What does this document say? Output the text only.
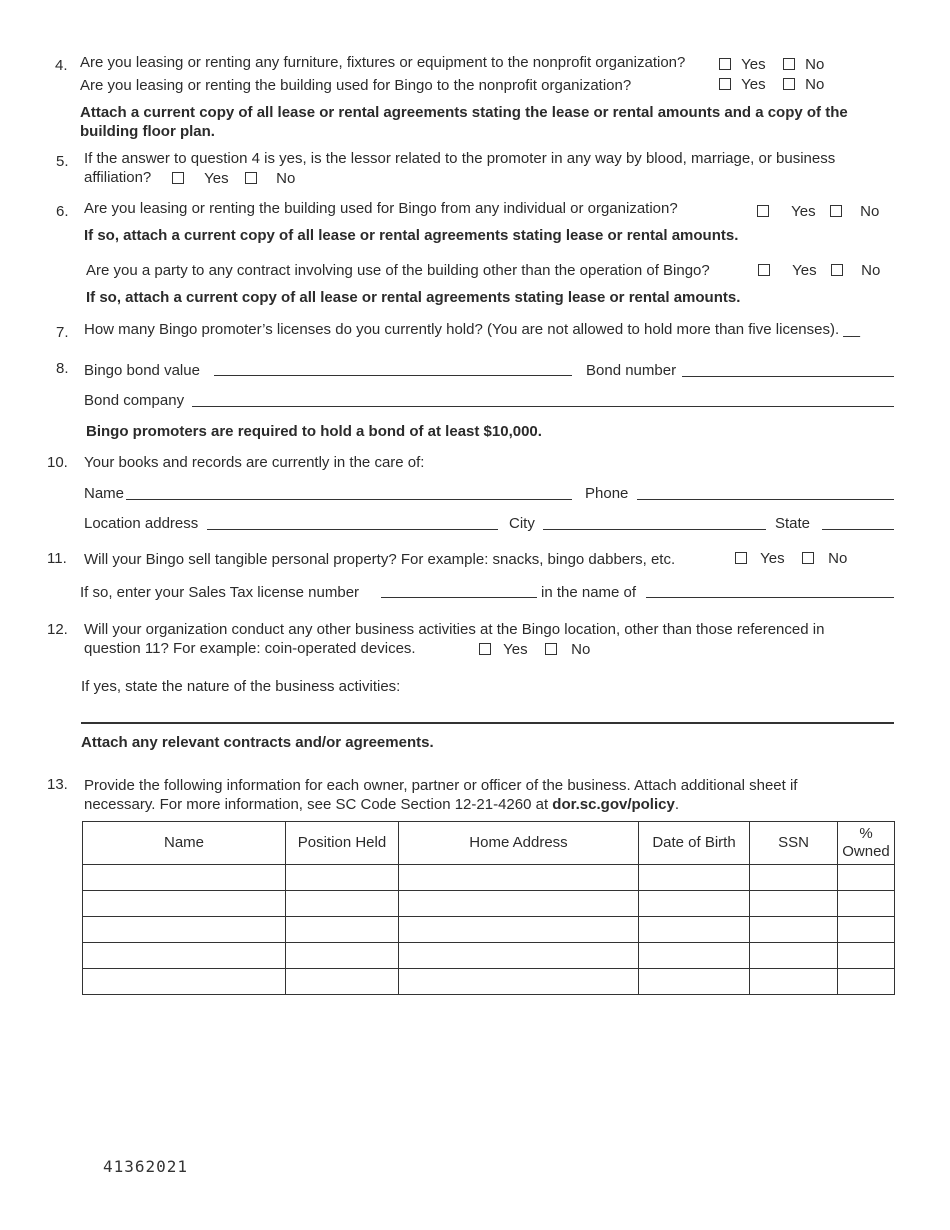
4. Are you leasing or renting any furniture, fixtures or equipment to the nonprofit organization?	Yes	No
Are you leasing or renting the building used for Bingo to the nonprofit organization?	Yes	No
Attach a current copy of all lease or rental agreements stating the lease or rental amounts and a copy of the
building floor plan.
5. If the answer to question 4 is yes, is the lessor related to the promoter in any way by blood, marriage, or business
affiliation?	Yes	No
6. Are you leasing or renting the building used for Bingo from any individual or organization?	Yes	No
If so, attach a current copy of all lease or rental agreements stating lease or rental amounts.
Are you a party to any contract involving use of the building other than the operation of Bingo?	Yes	No
If so, attach a current copy of all lease or rental agreements stating lease or rental amounts.
7. How many Bingo promoter’s licenses do you currently hold? (You are not allowed to hold more than five licenses). __
8. Bingo bond value	Bond number
Bond company
Bingo promoters are required to hold a bond of at least $10,000.
10. Your books and records are currently in the care of:
Name	Phone
Location address	City	State
11. Will your Bingo sell tangible personal property? For example: snacks, bingo dabbers, etc.	Yes	No
If so, enter your Sales Tax license number	in the name of
12. Will your organization conduct any other business activities at the Bingo location, other than those referenced in
question 11? For example: coin-operated devices.	Yes	No
If yes, state the nature of the business activities:
Attach any relevant contracts and/or agreements.
13. Provide the following information for each owner, partner or officer of the business. Attach additional sheet if
necessary. For more information, see SC Code Section 12-21-4260 at dor.sc.gov/policy.
Name	Position Held	Home Address	Date of Birth	SSN	%
Owned

41362021
